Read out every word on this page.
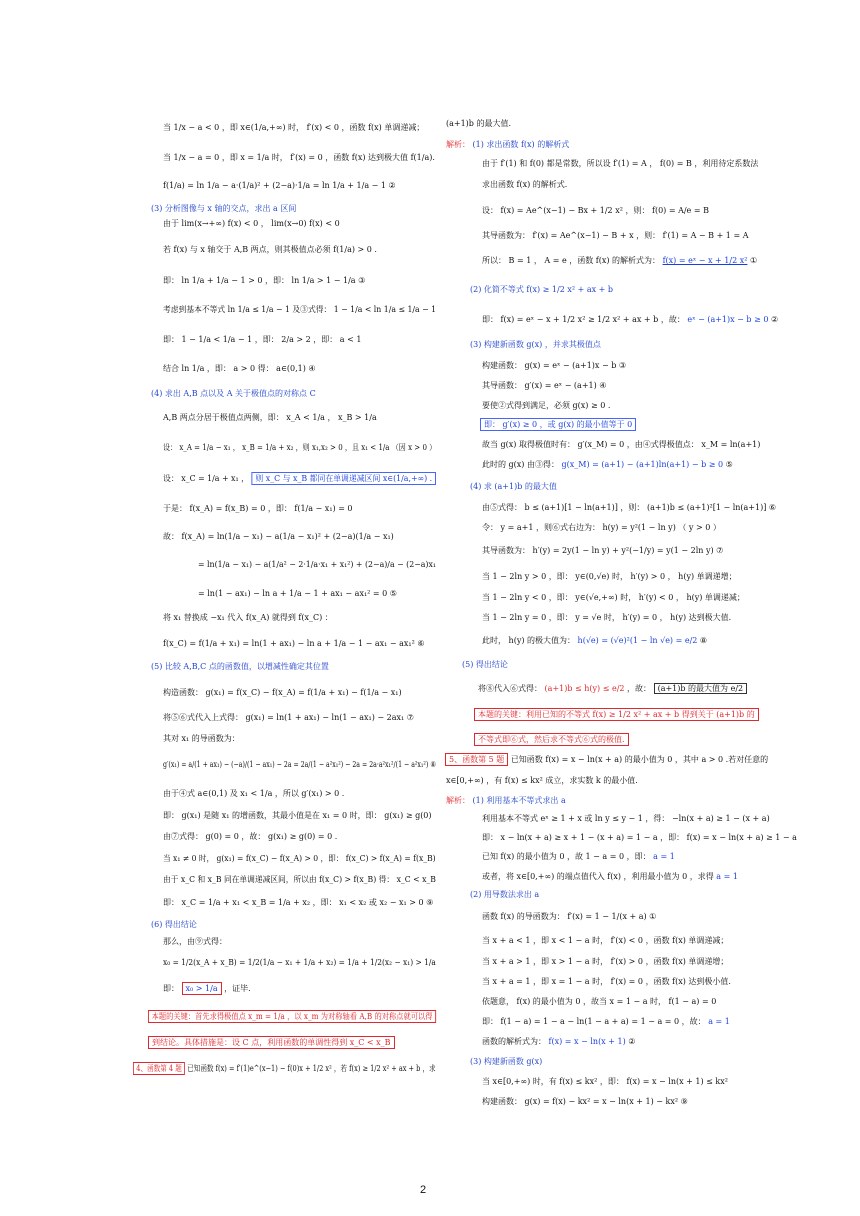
当 1/x − a < 0 ，即 x∈(1/a,+∞) 时， f′(x) < 0 ，函数 f(x) 单调递减；
当 1/x − a = 0 ，即 x = 1/a 时， f′(x) = 0 ，函数 f(x) 达到极大值 f(1/a).
f(1/a) = ln 1/a − a·(1/a)² + (2−a)·1/a = ln 1/a + 1/a − 1 ②
(3) 分析图像与 x 轴的交点，求出 a 区间
由于 lim(x→+∞) f(x) < 0 ， lim(x→0) f(x) < 0
若 f(x) 与 x 轴交于 A,B 两点，则其极值点必须 f(1/a) > 0 .
即： ln 1/a + 1/a − 1 > 0 ，即： ln 1/a > 1 − 1/a ③
考虑到基本不等式 ln 1/a ≤ 1/a − 1 及③式得： 1 − 1/a < ln 1/a ≤ 1/a − 1
即： 1 − 1/a < 1/a − 1 ，即： 2/a > 2 ，即： a < 1
结合 ln 1/a ，即： a > 0 得： a∈(0,1) ④
(4) 求出 A,B 点以及 A 关于极值点的对称点 C
A,B 两点分居于极值点两侧，即： x_A < 1/a ， x_B > 1/a
设： x_A = 1/a − x₁ ， x_B = 1/a + x₂ ，则 x₁,x₂ > 0 ，且 x₁ < 1/a （因 x > 0 ）
设： x_C = 1/a + x₁ ， 则 x_C 与 x_B 都同在单调递减区间 x∈(1/a,+∞) .
于是： f(x_A) = f(x_B) = 0 ，即： f(1/a − x₁) = 0
故： f(x_A) = ln(1/a − x₁) − a(1/a − x₁)² + (2−a)(1/a − x₁)
= ln(1/a − x₁) − a(1/a² − 2·1/a·x₁ + x₁²) + (2−a)/a − (2−a)x₁
= ln(1 − ax₁) − ln a + 1/a − 1 + ax₁ − ax₁² = 0 ⑤
将 x₁ 替换成 −x₁ 代入 f(x_A) 就得到 f(x_C) ：
f(x_C) = f(1/a + x₁) = ln(1 + ax₁) − ln a + 1/a − 1 − ax₁ − ax₁² ⑥
(5) 比较 A,B,C 点的函数值，以增减性确定其位置
构造函数： g(x₁) = f(x_C) − f(x_A) = f(1/a + x₁) − f(1/a − x₁)
将⑤⑥式代入上式得： g(x₁) = ln(1 + ax₁) − ln(1 − ax₁) − 2ax₁ ⑦
其对 x₁ 的导函数为：
g′(x₁) = a/(1 + ax₁) − (−a)/(1 − ax₁) − 2a = 2a/(1 − a²x₁²) − 2a = 2a·a²x₁²/(1 − a²x₁²) ⑧
由于④式 a∈(0,1) 及 x₁ < 1/a ，所以 g′(x₁) > 0 .
即： g(x₁) 是随 x₁ 的增函数，其最小值是在 x₁ = 0 时，即： g(x₁) ≥ g(0)
由⑦式得： g(0) = 0 ，故： g(x₁) ≥ g(0) = 0 .
当 x₁ ≠ 0 时， g(x₁) = f(x_C) − f(x_A) > 0 ，即： f(x_C) > f(x_A) = f(x_B)
由于 x_C 和 x_B 同在单调递减区间，所以由 f(x_C) > f(x_B) 得： x_C < x_B
即： x_C = 1/a + x₁ < x_B = 1/a + x₂ ，即： x₁ < x₂ 或 x₂ − x₁ > 0 ⑨
(6) 得出结论
那么，由⑨式得：
x₀ = 1/2(x_A + x_B) = 1/2(1/a − x₁ + 1/a + x₂) = 1/a + 1/2(x₂ − x₁) > 1/a
即： x₀ > 1/a ，证毕.
本题的关键：首先求得极值点 x_m = 1/a ，以 x_m 为对称轴看 A,B 的对称点就可以得
到结论。具体措施是：设 C 点，利用函数的单调性得到 x_C < x_B
4、函数第 4 题 已知函数 f(x) = f′(1)e^(x−1) − f(0)x + 1/2 x² ，若 f(x) ≥ 1/2 x² + ax + b ，求
(a+1)b 的最大值.
解析： (1) 求出函数 f(x) 的解析式
由于 f′(1) 和 f(0) 都是常数，所以设 f′(1) = A ， f(0) = B ，利用待定系数法
求出函数 f(x) 的解析式.
设： f(x) = Ae^(x−1) − Bx + 1/2 x² ，则： f(0) = A/e = B
其导函数为： f′(x) = Ae^(x−1) − B + x ，则： f′(1) = A − B + 1 = A
所以： B = 1 ， A = e ，函数 f(x) 的解析式为： f(x) = eˣ − x + 1/2 x² ①
(2) 化简不等式 f(x) ≥ 1/2 x² + ax + b
即： f(x) = eˣ − x + 1/2 x² ≥ 1/2 x² + ax + b ，故： eˣ − (a+1)x − b ≥ 0 ②
(3) 构建新函数 g(x) ，并求其极值点
构建函数： g(x) = eˣ − (a+1)x − b ③
其导函数： g′(x) = eˣ − (a+1) ④
要使②式得到满足，必须 g(x) ≥ 0 .
即： g′(x) ≥ 0 ，或 g(x) 的最小值等于 0
故当 g(x) 取得极值时有： g′(x_M) = 0 ，由④式得极值点： x_M = ln(a+1)
此时的 g(x) 由③得： g(x_M) = (a+1) − (a+1)ln(a+1) − b ≥ 0 ⑤
(4) 求 (a+1)b 的最大值
由⑤式得： b ≤ (a+1)[1 − ln(a+1)] ，则： (a+1)b ≤ (a+1)²[1 − ln(a+1)] ⑥
令： y = a+1 ，则⑥式右边为： h(y) = y²(1 − ln y) （ y > 0 ）
其导函数为： h′(y) = 2y(1 − ln y) + y²(−1/y) = y(1 − 2ln y) ⑦
当 1 − 2ln y > 0 ，即： y∈(0,√e) 时， h′(y) > 0 ， h(y) 单调递增；
当 1 − 2ln y < 0 ，即： y∈(√e,+∞) 时， h′(y) < 0 ， h(y) 单调递减；
当 1 − 2ln y = 0 ，即： y = √e 时， h′(y) = 0 ， h(y) 达到极大值.
此时， h(y) 的极大值为： h(√e) = (√e)²(1 − ln √e) = e/2 ⑧
(5) 得出结论
将⑧代入⑥式得： (a+1)b ≤ h(y) ≤ e/2 ，故： (a+1)b 的最大值为 e/2
本题的关键：利用已知的不等式 f(x) ≥ 1/2 x² + ax + b 得到关于 (a+1)b 的
不等式即⑥式，然后求不等式⑥式的极值.
5、函数第 5 题 已知函数 f(x) = x − ln(x + a) 的最小值为 0 ，其中 a > 0 .若对任意的
x∈[0,+∞) ，有 f(x) ≤ kx² 成立，求实数 k 的最小值.
解析： (1) 利用基本不等式求出 a
利用基本不等式 eˣ ≥ 1 + x 或 ln y ≤ y − 1 ，得： −ln(x + a) ≥ 1 − (x + a)
即： x − ln(x + a) ≥ x + 1 − (x + a) = 1 − a ，即： f(x) = x − ln(x + a) ≥ 1 − a
已知 f(x) 的最小值为 0 ，故 1 − a = 0 ，即： a = 1
或者，将 x∈[0,+∞) 的端点值代入 f(x) ，利用最小值为 0 ，求得 a = 1
(2) 用导数法求出 a
函数 f(x) 的导函数为： f′(x) = 1 − 1/(x + a) ①
当 x + a < 1 ，即 x < 1 − a 时， f′(x) < 0 ，函数 f(x) 单调递减；
当 x + a > 1 ，即 x > 1 − a 时， f′(x) > 0 ，函数 f(x) 单调递增；
当 x + a = 1 ，即 x = 1 − a 时， f′(x) = 0 ，函数 f(x) 达到极小值.
依题意， f(x) 的最小值为 0 ，故当 x = 1 − a 时， f(1 − a) = 0
即： f(1 − a) = 1 − a − ln(1 − a + a) = 1 − a = 0 ，故： a = 1
函数的解析式为： f(x) = x − ln(x + 1) ②
(3) 构建新函数 g(x)
当 x∈[0,+∞) 时，有 f(x) ≤ kx² ，即： f(x) = x − ln(x + 1) ≤ kx²
构建函数： g(x) = f(x) − kx² = x − ln(x + 1) − kx² ⑨
2
